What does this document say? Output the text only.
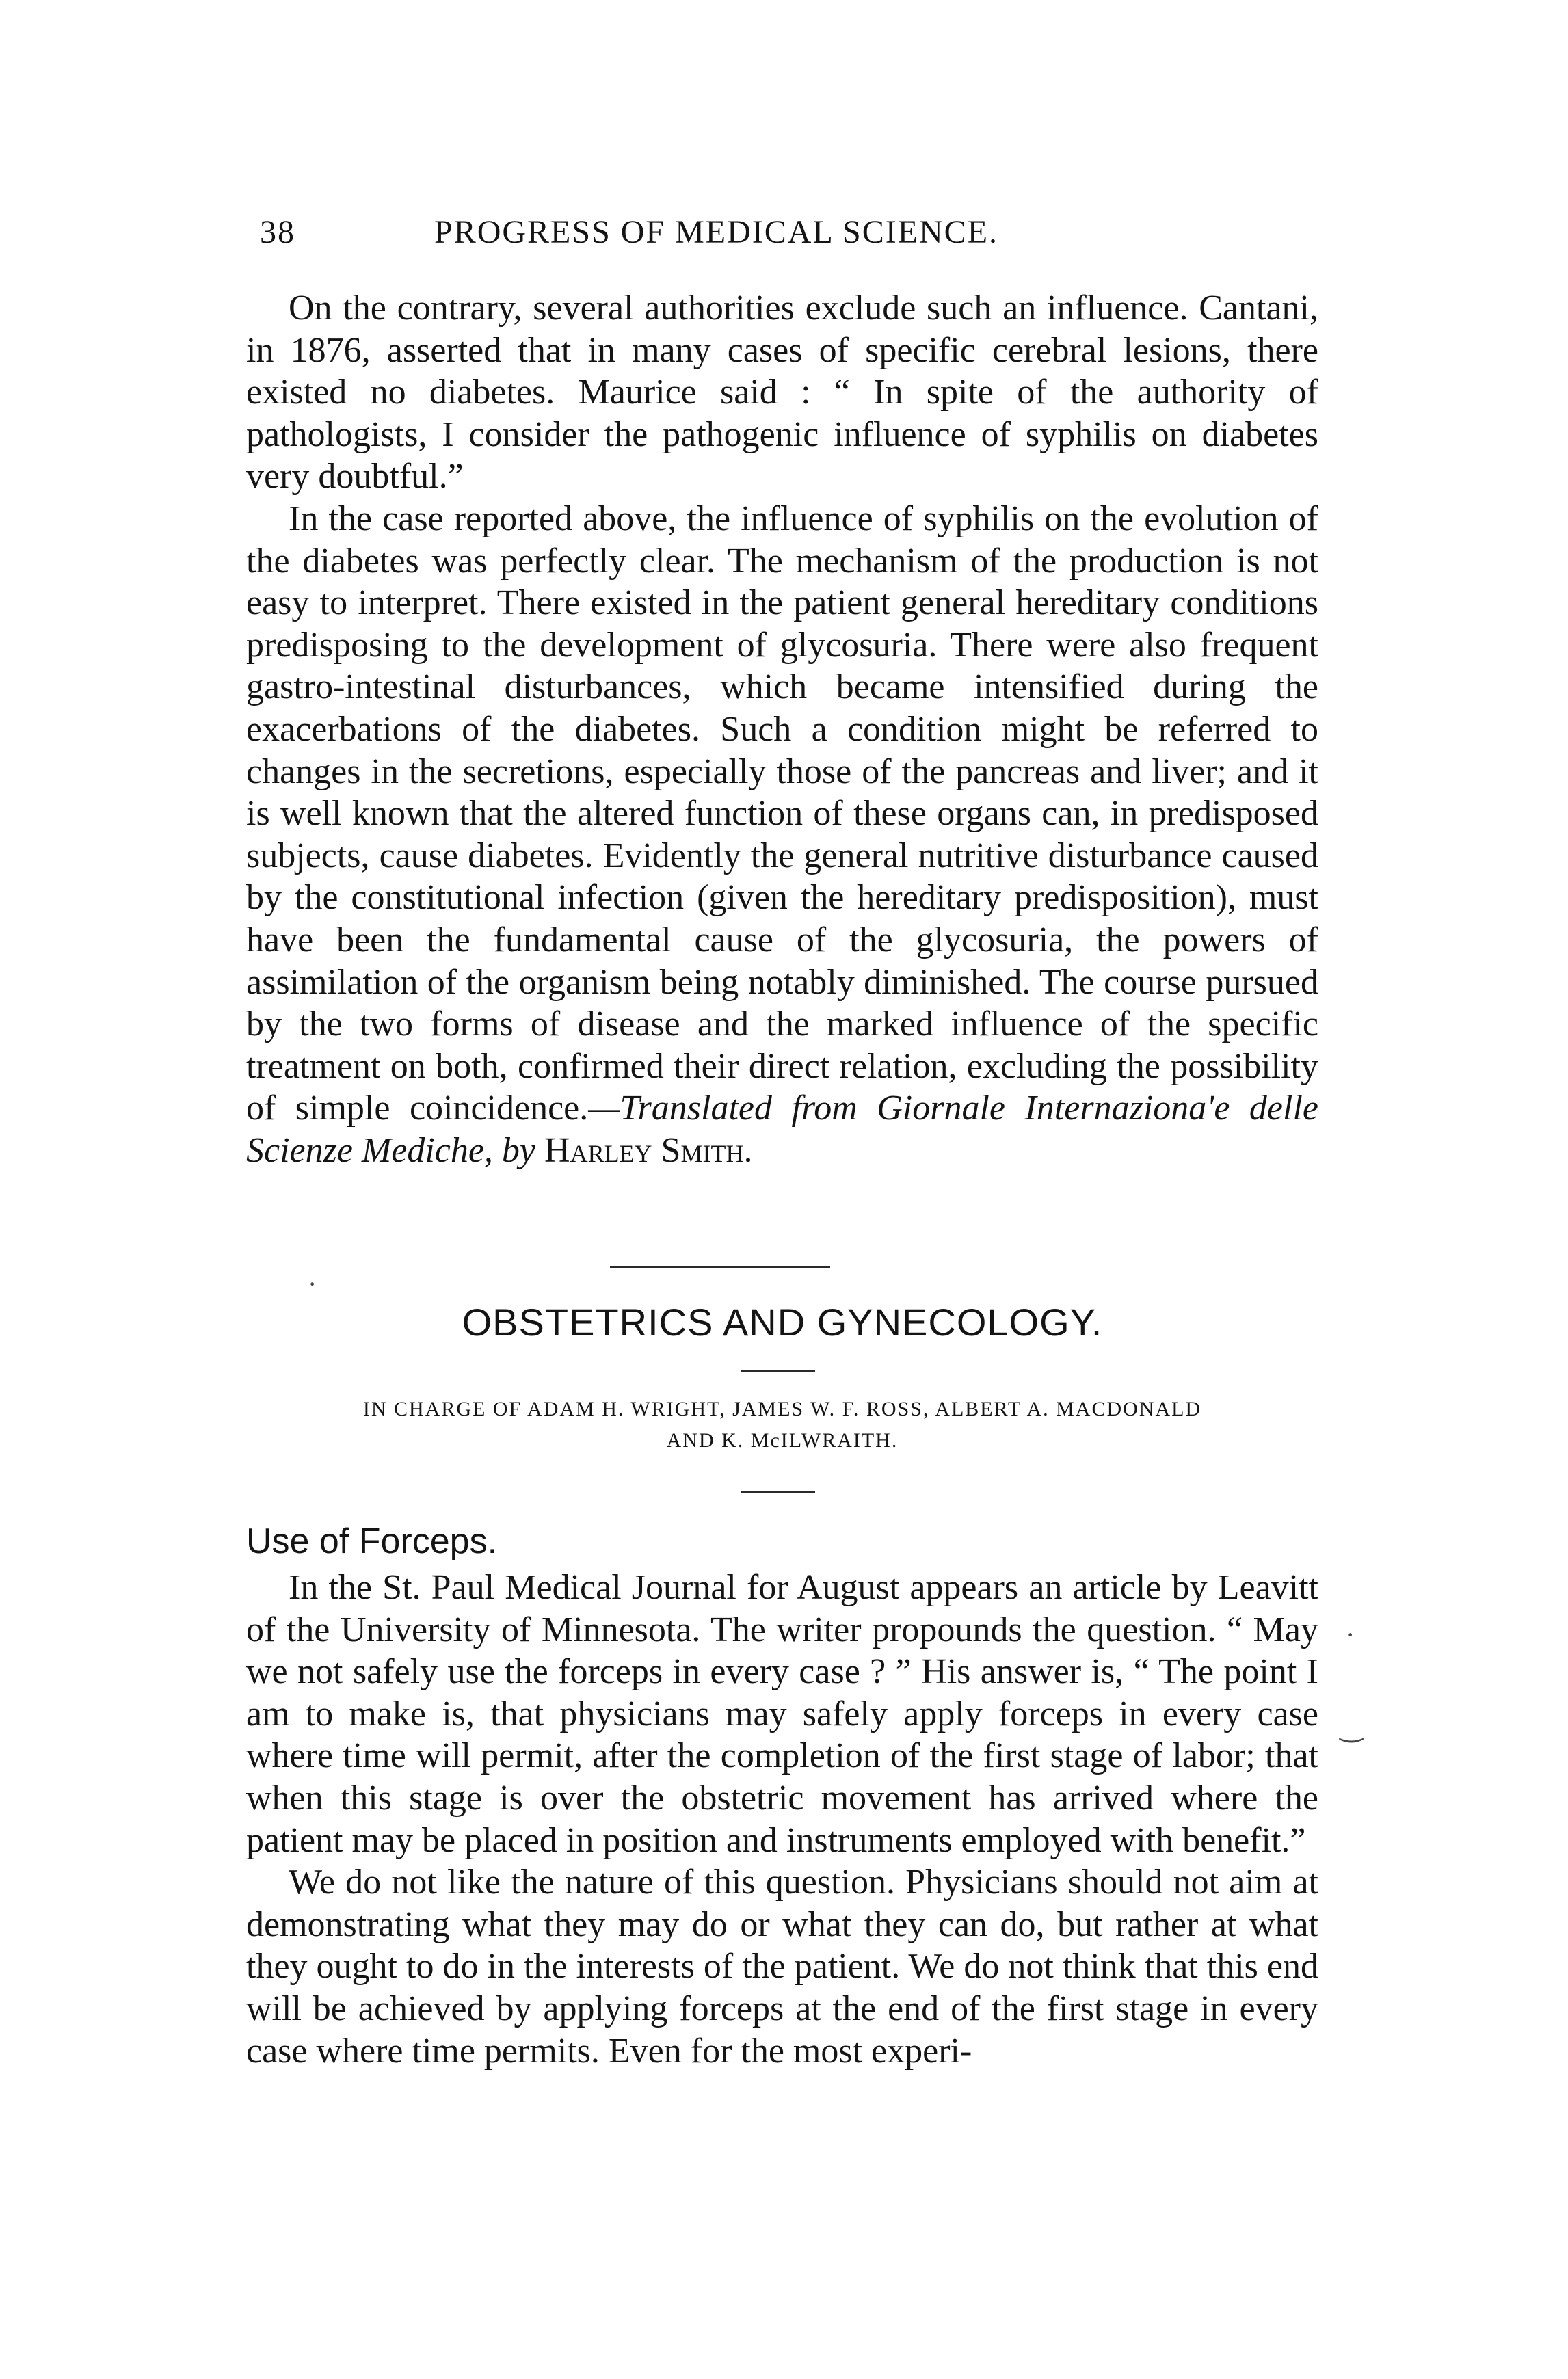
38	PROGRESS OF MEDICAL SCIENCE.

On the contrary, several authorities exclude such an influence. Cantani, in 1876, asserted that in many cases of specific cerebral lesions, there existed no diabetes. Maurice said : “ In spite of the authority of pathologists, I consider the pathogenic influence of syphilis on diabetes very doubtful.”

In the case reported above, the influence of syphilis on the evolution of the diabetes was perfectly clear. The mechanism of the production is not easy to interpret. There existed in the patient general hereditary conditions predisposing to the development of glycosuria. There were also frequent gastro-intestinal disturbances, which became intensified during the exacerbations of the diabetes. Such a condition might be referred to changes in the secretions, especially those of the pancreas and liver; and it is well known that the altered function of these organs can, in predisposed subjects, cause diabetes. Evidently the general nutritive disturbance caused by the constitutional infection (given the hereditary predisposition), must have been the fundamental cause of the glycosuria, the powers of assimilation of the organism being notably diminished. The course pursued by the two forms of disease and the marked influence of the specific treatment on both, confirmed their direct relation, excluding the possibility of simple coincidence.—Translated from Giornale Internaziona'e delle Scienze Mediche, by Harley Smith.

OBSTETRICS AND GYNECOLOGY.
IN CHARGE OF ADAM H. WRIGHT, JAMES W. F. ROSS, ALBERT A. MACDONALD
AND K. McILWRAITH.
Use of Forceps.

In the St. Paul Medical Journal for August appears an article by Leavitt of the University of Minnesota. The writer propounds the question. “ May we not safely use the forceps in every case ? ” His answer is, “ The point I am to make is, that physicians may safely apply forceps in every case where time will permit, after the completion of the first stage of labor; that when this stage is over the obstetric movement has arrived where the patient may be placed in position and instruments employed with benefit.”

We do not like the nature of this question. Physicians should not aim at demonstrating what they may do or what they can do, but rather at what they ought to do in the interests of the patient. We do not think that this end will be achieved by applying forceps at the end of the first stage in every case where time permits. Even for the most experi-

·
‿
·
